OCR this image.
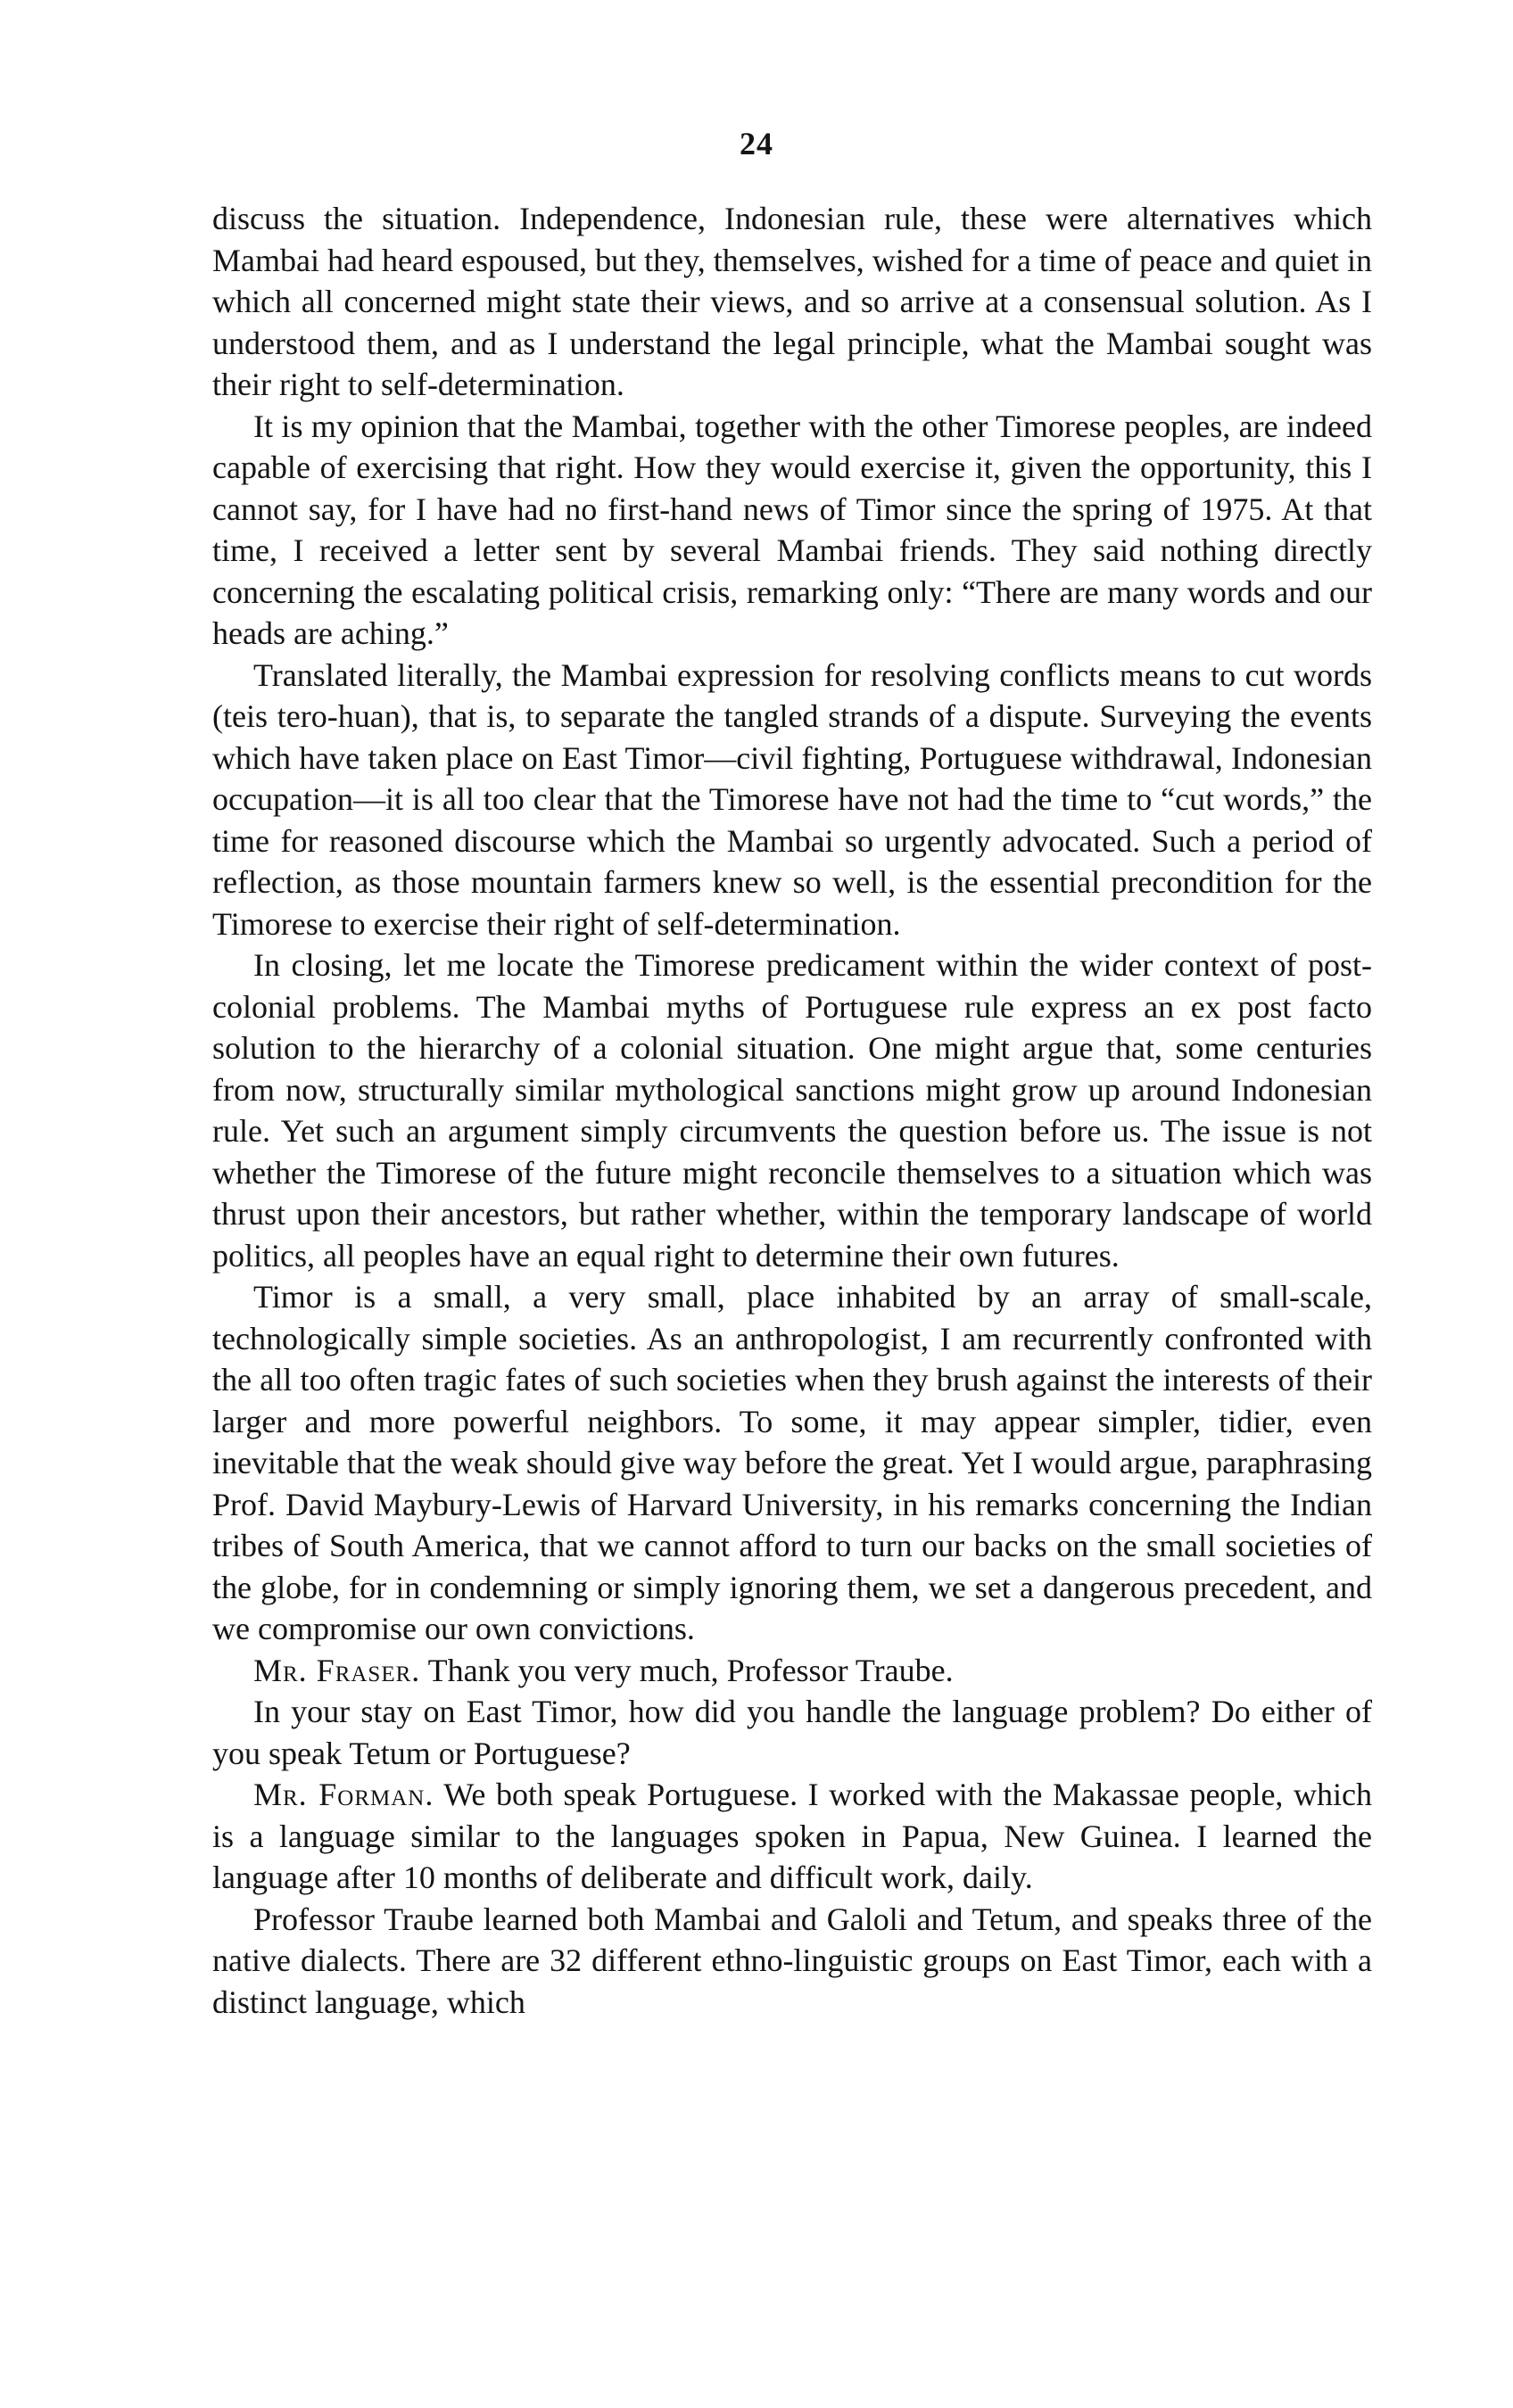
24

discuss the situation. Independence, Indonesian rule, these were alternatives which Mambai had heard espoused, but they, themselves, wished for a time of peace and quiet in which all concerned might state their views, and so arrive at a consensual solution. As I understood them, and as I understand the legal principle, what the Mambai sought was their right to self-determination.

It is my opinion that the Mambai, together with the other Timorese peoples, are indeed capable of exercising that right. How they would exercise it, given the opportunity, this I cannot say, for I have had no first-hand news of Timor since the spring of 1975. At that time, I received a letter sent by several Mambai friends. They said nothing directly concerning the escalating political crisis, remarking only: “There are many words and our heads are aching.”

Translated literally, the Mambai expression for resolving conflicts means to cut words (teis tero-huan), that is, to separate the tangled strands of a dispute. Surveying the events which have taken place on East Timor—civil fighting, Portuguese withdrawal, Indonesian occupation—it is all too clear that the Timorese have not had the time to “cut words,” the time for reasoned discourse which the Mambai so urgently advocated. Such a period of reflection, as those mountain farmers knew so well, is the essential precondition for the Timorese to exercise their right of self-determination.

In closing, let me locate the Timorese predicament within the wider context of post-colonial problems. The Mambai myths of Portuguese rule express an ex post facto solution to the hierarchy of a colonial situation. One might argue that, some centuries from now, structurally similar mythological sanctions might grow up around Indonesian rule. Yet such an argument simply circumvents the question before us. The issue is not whether the Timorese of the future might reconcile themselves to a situation which was thrust upon their ancestors, but rather whether, within the temporary landscape of world politics, all peoples have an equal right to determine their own futures.

Timor is a small, a very small, place inhabited by an array of small-scale, technologically simple societies. As an anthropologist, I am recurrently confronted with the all too often tragic fates of such societies when they brush against the interests of their larger and more powerful neighbors. To some, it may appear simpler, tidier, even inevitable that the weak should give way before the great. Yet I would argue, paraphrasing Prof. David Maybury-Lewis of Harvard University, in his remarks concerning the Indian tribes of South America, that we cannot afford to turn our backs on the small societies of the globe, for in condemning or simply ignoring them, we set a dangerous precedent, and we compromise our own convictions.

Mr. Fraser. Thank you very much, Professor Traube.

In your stay on East Timor, how did you handle the language problem? Do either of you speak Tetum or Portuguese?

Mr. Forman. We both speak Portuguese. I worked with the Makassae people, which is a language similar to the languages spoken in Papua, New Guinea. I learned the language after 10 months of deliberate and difficult work, daily.

Professor Traube learned both Mambai and Galoli and Tetum, and speaks three of the native dialects. There are 32 different ethno-linguistic groups on East Timor, each with a distinct language, which
